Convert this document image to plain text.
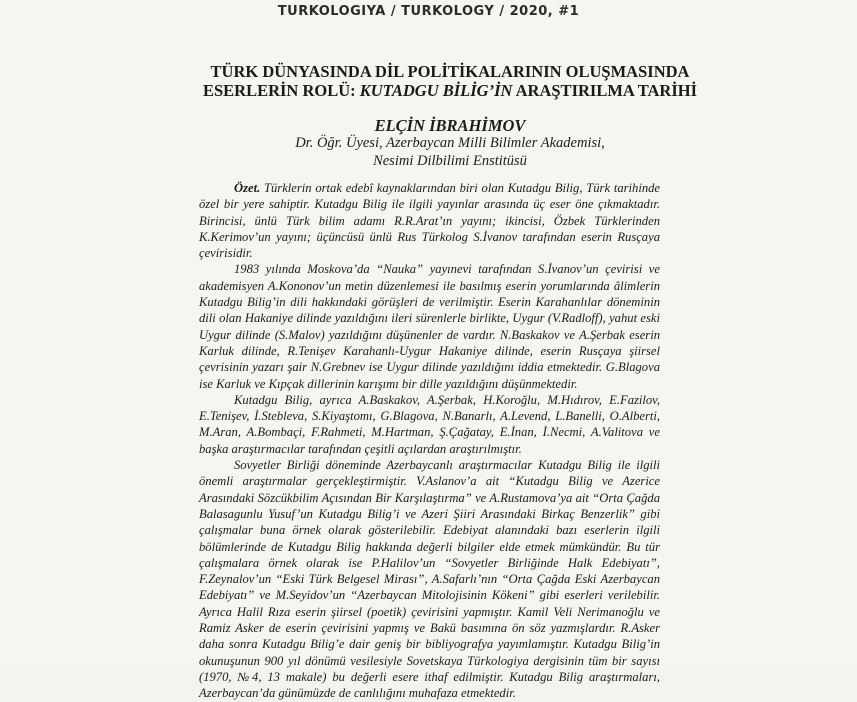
TURKOLOGIYA / TURKOLOGY / 2020, #1
TÜRK DÜNYASINDA DİL POLİTİKALARININ OLUŞMASINDA
ESERLERİN ROLÜ: KUTADGU BİLİG’İN ARAŞTIRILMA TARİHİ
ELÇİN İBRAHİMOV
Dr. Öğr. Üyesi, Azerbaycan Milli Bilimler Akademisi,
Nesimi Dilbilimi Enstitüsü

Özet. Türklerin ortak edebî kaynaklarından biri olan Kutadgu Bilig, Türk tarihinde özel bir yere sahiptir. Kutadgu Bilig ile ilgili yayınlar arasında üç eser öne çıkmaktadır. Birincisi, ünlü Türk bilim adamı R.R.Arat’ın yayını; ikincisi, Özbek Türklerinden K.Kerimov’un yayını; üçüncüsü ünlü Rus Türkolog S.İvanov tarafından eserin Rusçaya çevirisidir.

1983 yılında Moskova’da “Nauka” yayınevi tarafından S.İvanov’un çevirisi ve akademisyen A.Kononov’un metin düzenlemesi ile basılmış eserin yorumlarında âlimlerin Kutadgu Bilig’in dili hakkındaki görüşleri de verilmiştir. Eserin Karahanlılar döneminin dili olan Hakaniye dilinde yazıldığını ileri sürenlerle birlikte, Uygur (V.Radloff), yahut eski Uygur dilinde (S.Malov) yazıldığını düşünenler de vardır. N.Baskakov ve A.Şerbak eserin Karluk dilinde, R.Tenişev Karahanlı-Uygur Hakaniye dilinde, eserin Rusçaya şiirsel çevrisinin yazarı şair N.Grebnev ise Uygur dilinde yazıldığını iddia etmektedir. G.Blagova ise Karluk ve Kıpçak dillerinin karışımı bir dille yazıldığını düşünmektedir.

Kutadgu Bilig, ayrıca A.Baskakov, A.Şerbak, H.Koroğlu, M.Hıdırov, E.Fazilov, E.Tenişev, İ.Stebleva, S.Kiyaştomı, G.Blagova, N.Banarlı, A.Levend, L.Banelli, O.Alberti, M.Aran, A.Bombaçi, F.Rahmeti, M.Hartman, Ş.Çağatay, E.İnan, İ.Necmi, A.Valitova ve başka araştırmacılar tarafından çeşitli açılardan araştırılmıştır.

Sovyetler Birliği döneminde Azerbaycanlı araştırmacılar Kutadgu Bilig ile ilgili önemli araştırmalar gerçekleştirmiştir. V.Aslanov’a ait “Kutadgu Bilig ve Azerice Arasındaki Sözcükbilim Açısından Bir Karşılaştırma” ve A.Rustamova’ya ait “Orta Çağda Balasagunlu Yusuf’un Kutadgu Bilig’i ve Azeri Şiiri Arasındaki Birkaç Benzerlik” gibi çalışmalar buna örnek olarak gösterilebilir. Edebiyat alanındaki bazı eserlerin ilgili bölümlerinde de Kutadgu Bilig hakkında değerli bilgiler elde etmek mümkündür. Bu tür çalışmalara örnek olarak ise P.Halilov’un “Sovyetler Birliğinde Halk Edebiyatı”, F.Zeynalov’un “Eski Türk Belgesel Mirası”, A.Safarlı’nın “Orta Çağda Eski Azerbaycan Edebiyatı” ve M.Seyidov’un “Azerbaycan Mitolojisinin Kökeni” gibi eserleri verilebilir. Ayrıca Halil Rıza eserin şiirsel (poetik) çevirisini yapmıştır. Kamil Veli Nerimanoğlu ve Ramiz Asker de eserin çevirisini yapmış ve Bakü basımına ön söz yazmışlardır. R.Asker daha sonra Kutadgu Bilig’e dair geniş bir bibliyografya yayımlamıştır. Kutadgu Bilig’in okunuşunun 900 yıl dönümü vesilesiyle Sovetskaya Türkologiya dergisinin tüm bir sayısı (1970, №4, 13 makale) bu değerli esere ithaf edilmiştir. Kutadgu Bilig araştırmaları, Azerbaycan’da günümüzde de canlılığını muhafaza etmektedir.
